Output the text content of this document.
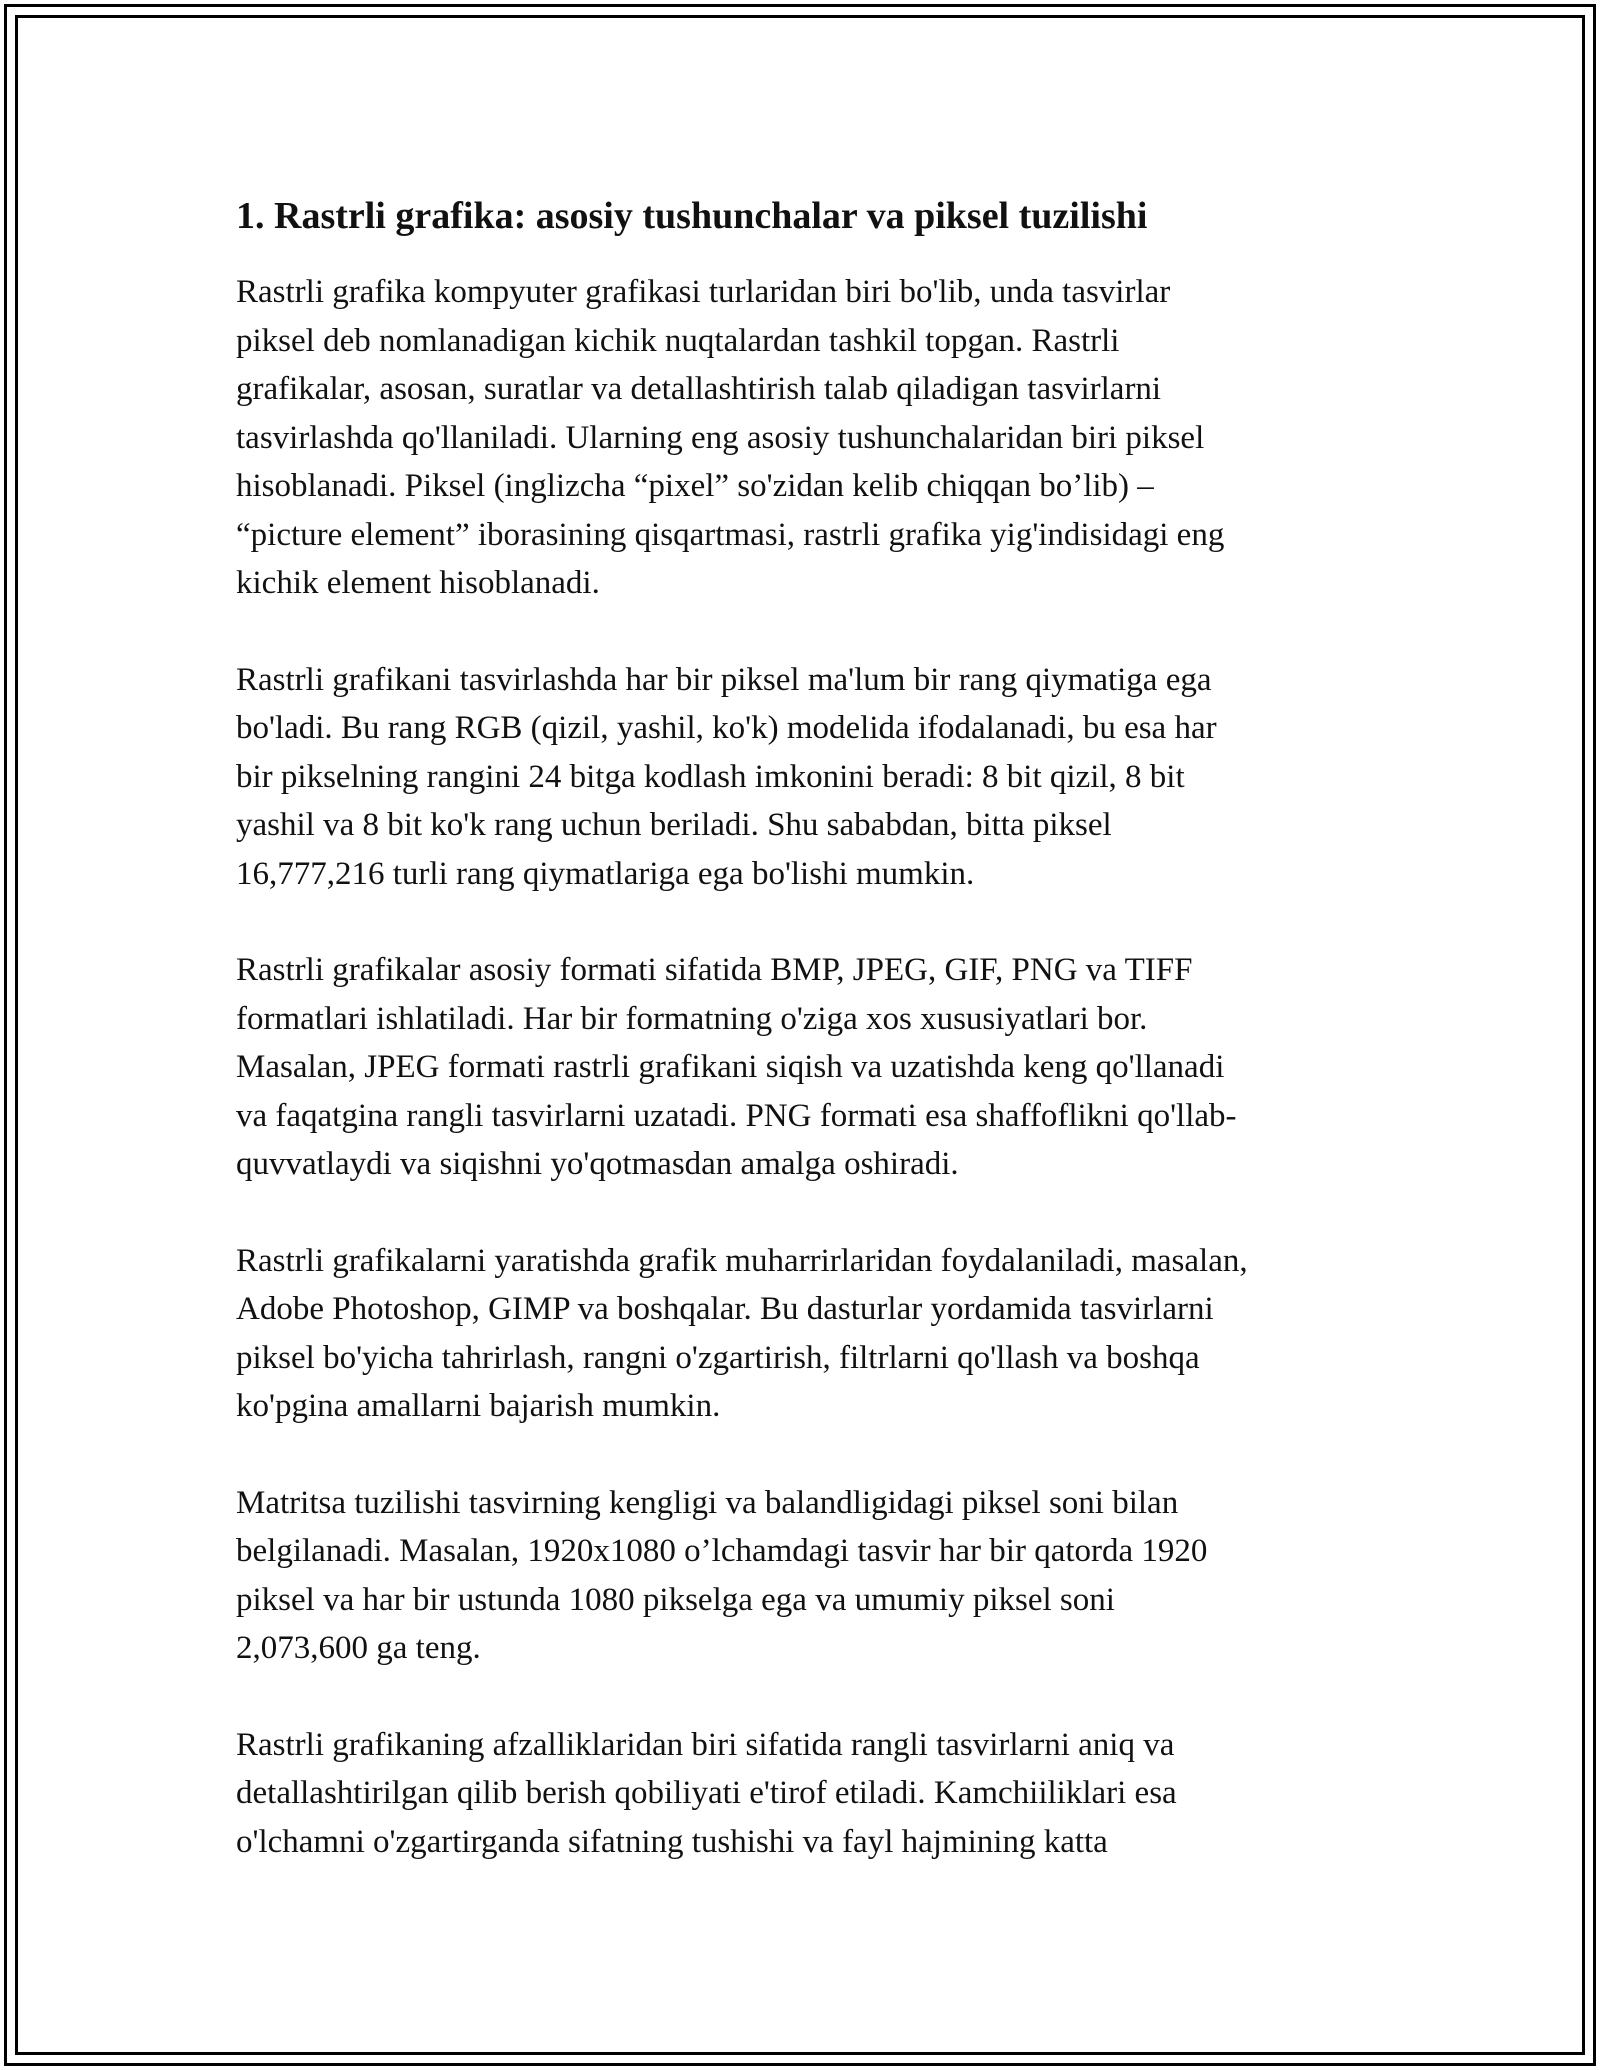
1. Rastrli grafika: asosiy tushunchalar va piksel tuzilishi

Rastrli grafika kompyuter grafikasi turlaridan biri bo'lib, unda tasvirlar
piksel deb nomlanadigan kichik nuqtalardan tashkil topgan. Rastrli
grafikalar, asosan, suratlar va detallashtirish talab qiladigan tasvirlarni
tasvirlashda qo'llaniladi. Ularning eng asosiy tushunchalaridan biri piksel
hisoblanadi. Piksel (inglizcha “pixel” so'zidan kelib chiqqan bo’lib) –
“picture element” iborasining qisqartmasi, rastrli grafika yig'indisidagi eng
kichik element hisoblanadi.

Rastrli grafikani tasvirlashda har bir piksel ma'lum bir rang qiymatiga ega
bo'ladi. Bu rang RGB (qizil, yashil, ko'k) modelida ifodalanadi, bu esa har
bir pikselning rangini 24 bitga kodlash imkonini beradi: 8 bit qizil, 8 bit
yashil va 8 bit ko'k rang uchun beriladi. Shu sababdan, bitta piksel
16,777,216 turli rang qiymatlariga ega bo'lishi mumkin.

Rastrli grafikalar asosiy formati sifatida BMP, JPEG, GIF, PNG va TIFF
formatlari ishlatiladi. Har bir formatning o'ziga xos xususiyatlari bor.
Masalan, JPEG formati rastrli grafikani siqish va uzatishda keng qo'llanadi
va faqatgina rangli tasvirlarni uzatadi. PNG formati esa shaffoflikni qo'llab-
quvvatlaydi va siqishni yo'qotmasdan amalga oshiradi.

Rastrli grafikalarni yaratishda grafik muharrirlaridan foydalaniladi, masalan,
Adobe Photoshop, GIMP va boshqalar. Bu dasturlar yordamida tasvirlarni
piksel bo'yicha tahrirlash, rangni o'zgartirish, filtrlarni qo'llash va boshqa
ko'pgina amallarni bajarish mumkin.

Matritsa tuzilishi tasvirning kengligi va balandligidagi piksel soni bilan
belgilanadi. Masalan, 1920x1080 o’lchamdagi tasvir har bir qatorda 1920
piksel va har bir ustunda 1080 pikselga ega va umumiy piksel soni
2,073,600 ga teng.

Rastrli grafikaning afzalliklaridan biri sifatida rangli tasvirlarni aniq va
detallashtirilgan qilib berish qobiliyati e'tirof etiladi. Kamchiiliklari esa
o'lchamni o'zgartirganda sifatning tushishi va fayl hajmining katta
